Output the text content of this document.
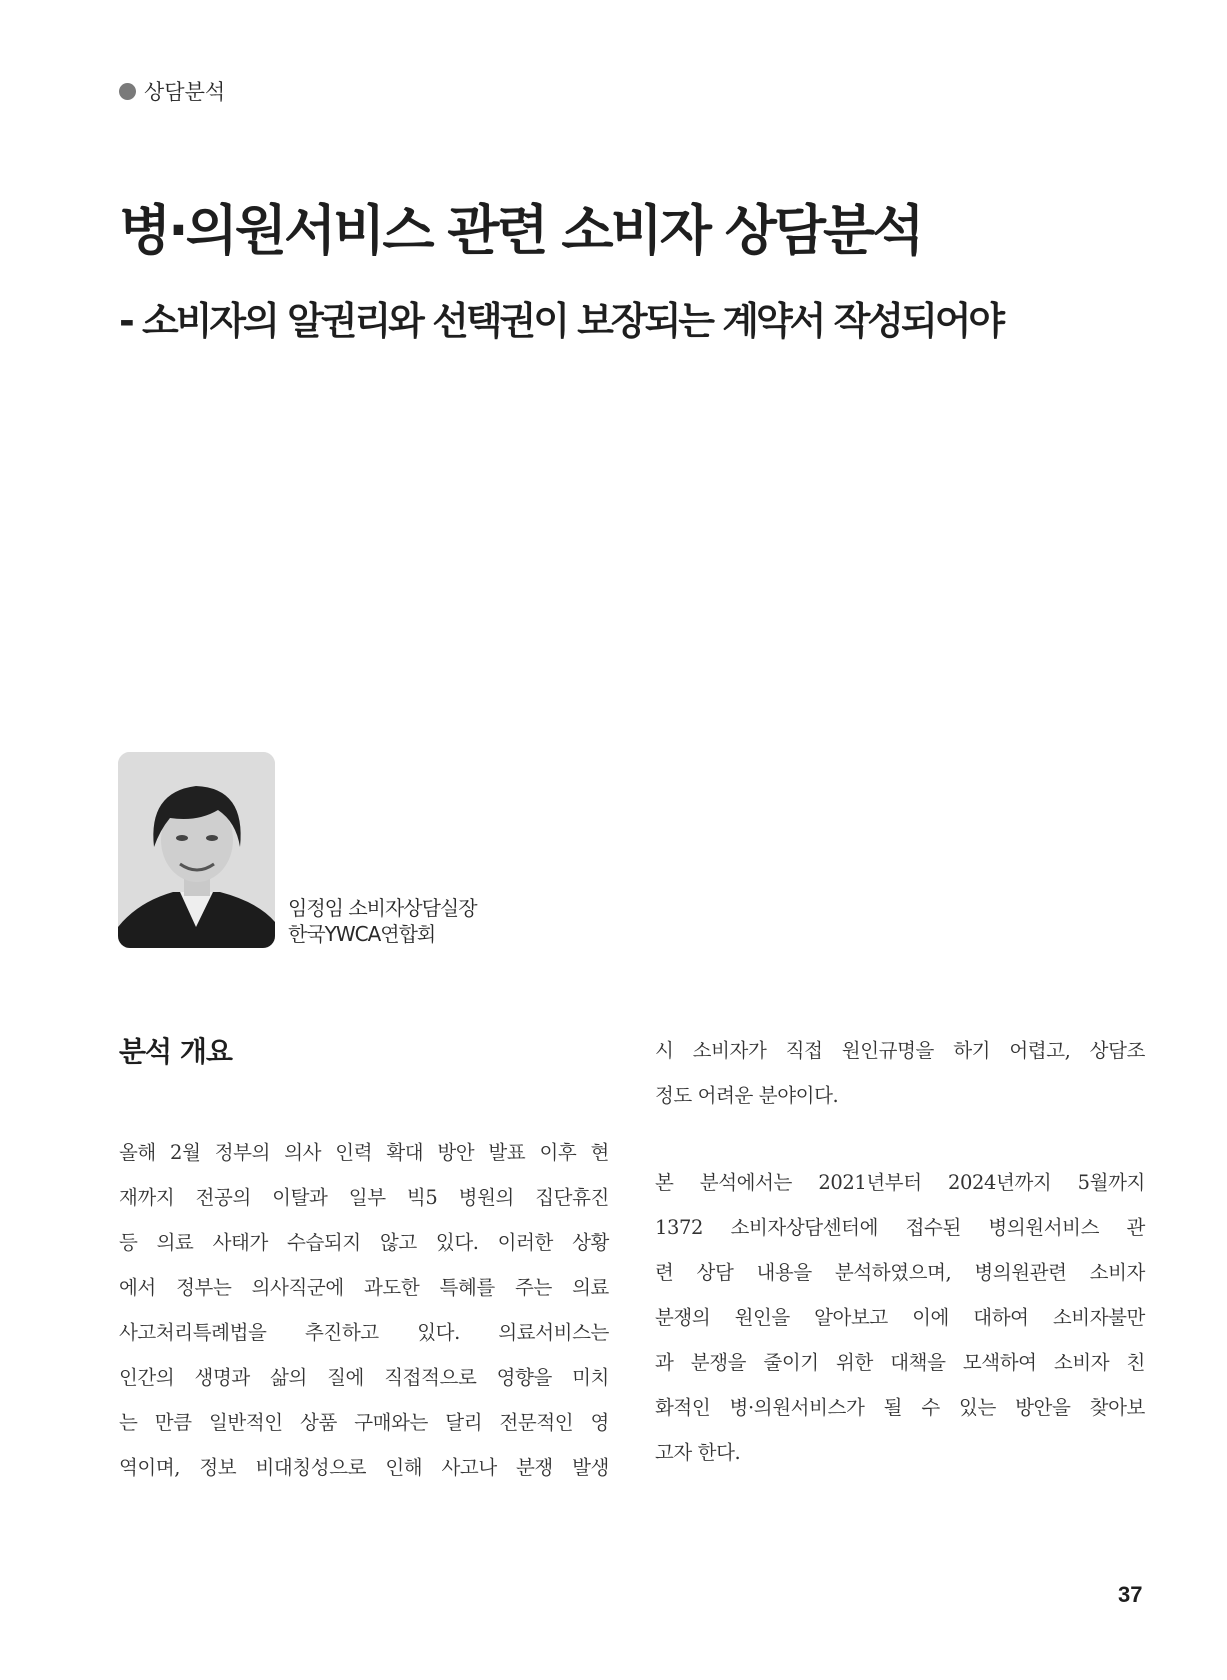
상담분석
병·의원서비스 관련 소비자 상담분석
- 소비자의 알권리와 선택권이 보장되는 계약서 작성되어야
임정임 소비자상담실장
한국YWCA연합회
분석 개요

올해 2월 정부의 의사 인력 확대 방안 발표 이후 현

재까지 전공의 이탈과 일부 빅5 병원의 집단휴진

등 의료 사태가 수습되지 않고 있다. 이러한 상황

에서 정부는 의사직군에 과도한 특혜를 주는 의료

사고처리특례법을 추진하고 있다. 의료서비스는

인간의 생명과 삶의 질에 직접적으로 영향을 미치

는 만큼 일반적인 상품 구매와는 달리 전문적인 영

역이며, 정보 비대칭성으로 인해 사고나 분쟁 발생

시 소비자가 직접 원인규명을 하기 어렵고, 상담조

정도 어려운 분야이다.

본 분석에서는 2021년부터 2024년까지 5월까지

1372 소비자상담센터에 접수된 병의원서비스 관

련 상담 내용을 분석하였으며, 병의원관련 소비자

분쟁의 원인을 알아보고 이에 대하여 소비자불만

과 분쟁을 줄이기 위한 대책을 모색하여 소비자 친

화적인 병·의원서비스가 될 수 있는 방안을 찾아보

고자 한다.

37
